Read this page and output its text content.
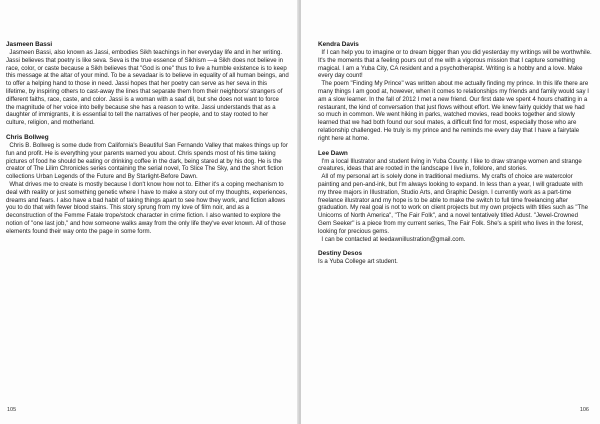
Jasmeen Bassi

Jasmeen Bassi, also known as Jassi, embodies Sikh teachings in her everyday life and in her writing. Jassi believes that poetry is like seva. Seva is the true essence of Sikhism —a Sikh does not believe in race, color, or caste because a Sikh believes that "God is one" thus to live a humble existence is to keep this message at the altar of your mind. To be a sevadaar is to believe in equality of all human beings, and to offer a helping hand to those in need. Jassi hopes that her poetry can serve as her seva in this lifetime, by inspiring others to cast-away the lines that separate them from their neighbors/ strangers of different faiths, race, caste, and color. Jassi is a woman with a saaf dil, but she does not want to force the magnitude of her voice into belly because she has a reason to write. Jassi understands that as a daughter of immigrants, it is essential to tell the narratives of her people, and to stay rooted to her culture, religion, and motherland.

Chris Bollweg

Chris B. Bollweg is some dude from California's Beautiful San Fernando Valley that makes things up for fun and profit. He is everything your parents warned you about. Chris spends most of his time taking pictures of food he should be eating or drinking coffee in the dark, being stared at by his dog. He is the creator of The Lilim Chronicles series containing the serial novel, To Slice The Sky, and the short fiction collections Urban Legends of the Future and By Starlight-Before Dawn.

What drives me to create is mostly because I don't know how not to. Either it's a coping mechanism to deal with reality or just something genetic where I have to make a story out of my thoughts, experiences, dreams and fears. I also have a bad habit of taking things apart to see how they work, and fiction allows you to do that with fewer blood stains. This story sprung from my love of film noir, and as a deconstruction of the Femme Fatale trope/stock character in crime fiction. I also wanted to explore the notion of "one last job," and how someone walks away from the only life they've ever known. All of those elements found their way onto the page in some form.

105

Kendra Davis

If I can help you to imagine or to dream bigger than you did yesterday my writings will be worthwhile. It's the moments that a feeling pours out of me with a vigorous mission that I capture something magical. I am a Yuba City, CA resident and a psychotherapist. Writing is a hobby and a love. Make every day count!

The poem "Finding My Prince" was written about me actually finding my prince. In this life there are many things I am good at, however, when it comes to relationships my friends and family would say I am a slow learner. In the fall of 2012 I met a new friend. Our first date we spent 4 hours chatting in a restaurant, the kind of conversation that just flows without effort. We knew fairly quickly that we had so much in common. We went hiking in parks, watched movies, read books together and slowly learned that we had both found our soul mates, a difficult find for most, especially those who are relationship challenged. He truly is my prince and he reminds me every day that I have a fairytale right here at home.

Lee Dawn

I'm a local Illustrator and student living in Yuba County. I like to draw strange women and strange creatures, ideas that are rooted in the landscape I live in, folklore, and stories.

All of my personal art is solely done in traditional mediums. My crafts of choice are watercolor painting and pen-and-ink, but I'm always looking to expand. In less than a year, I will graduate with my three majors in Illustration, Studio Arts, and Graphic Design. I currently work as a part-time freelance illustrator and my hope is to be able to make the switch to full time freelancing after graduation. My real goal is not to work on client projects but my own projects with titles such as "The Unicorns of North America", "The Fair Folk", and a novel tentatively titled Adust. "Jewel-Crowned Gem Seeker" is a piece from my current series, The Fair Folk. She's a spirit who lives in the forest, looking for precious gems.

I can be contacted at leedawnillustration@gmail.com.

Destiny Desos

Is a Yuba College art student.

106
